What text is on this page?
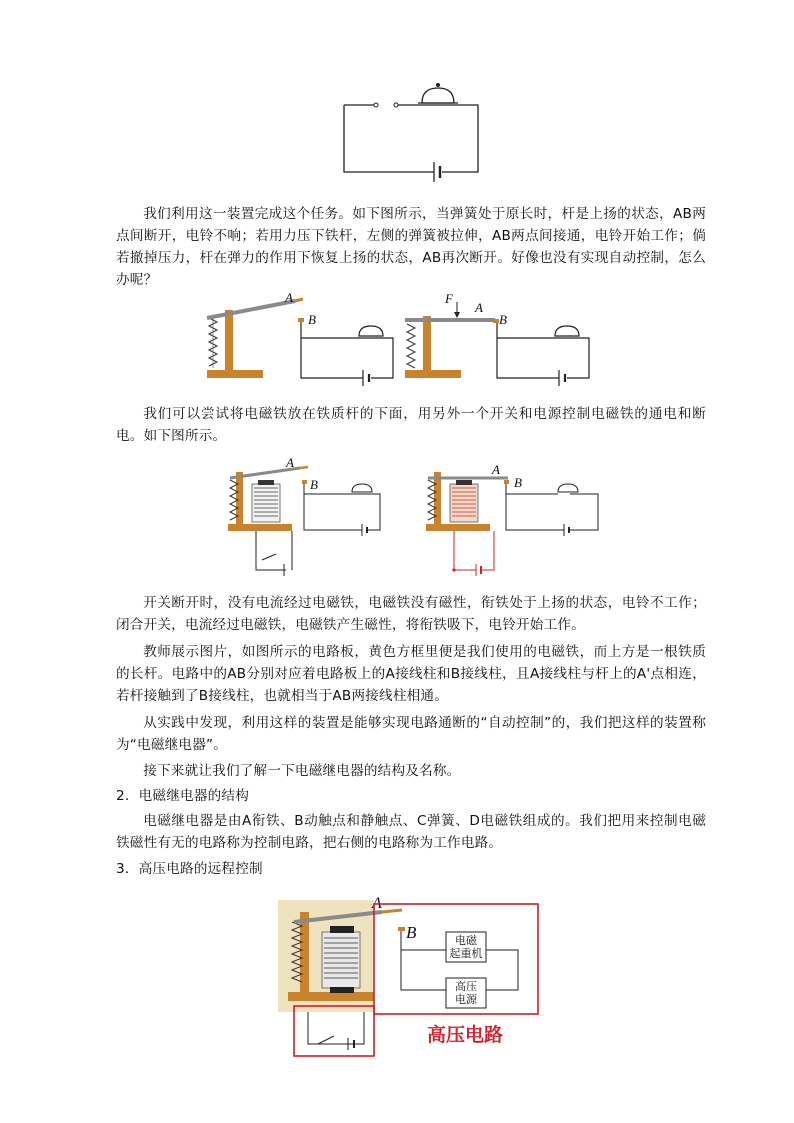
我们利用这一装置完成这个任务。如下图所示，当弹簧处于原长时，杆是上扬的状态，AB两点间断开，电铃不响；若用力压下铁杆，左侧的弹簧被拉伸，AB两点间接通，电铃开始工作；倘若撤掉压力，杆在弹力的作用下恢复上扬的状态，AB再次断开。好像也没有实现自动控制，怎么办呢？

A
B
F
A
B

我们可以尝试将电磁铁放在铁质杆的下面，用另外一个开关和电源控制电磁铁的通电和断电。如下图所示。

A
B
A
B

开关断开时，没有电流经过电磁铁，电磁铁没有磁性，衔铁处于上扬的状态，电铃不工作；闭合开关，电流经过电磁铁，电磁铁产生磁性，将衔铁吸下，电铃开始工作。

教师展示图片，如图所示的电路板，黄色方框里便是我们使用的电磁铁，而上方是一根铁质的长杆。电路中的AB分别对应着电路板上的A接线柱和B接线柱，且A接线柱与杆上的A'点相连，若杆接触到了B接线柱，也就相当于AB两接线柱相通。

从实践中发现，利用这样的装置是能够实现电路通断的“自动控制”的，我们把这样的装置称为“电磁继电器”。

接下来就让我们了解一下电磁继电器的结构及名称。

2．电磁继电器的结构

电磁继电器是由A衔铁、B动触点和静触点、C弹簧、D电磁铁组成的。我们把用来控制电磁铁磁性有无的电路称为控制电路，把右侧的电路称为工作电路。

3．高压电路的远程控制

A
B	电磁
起重机
高压
电源
高压电路
